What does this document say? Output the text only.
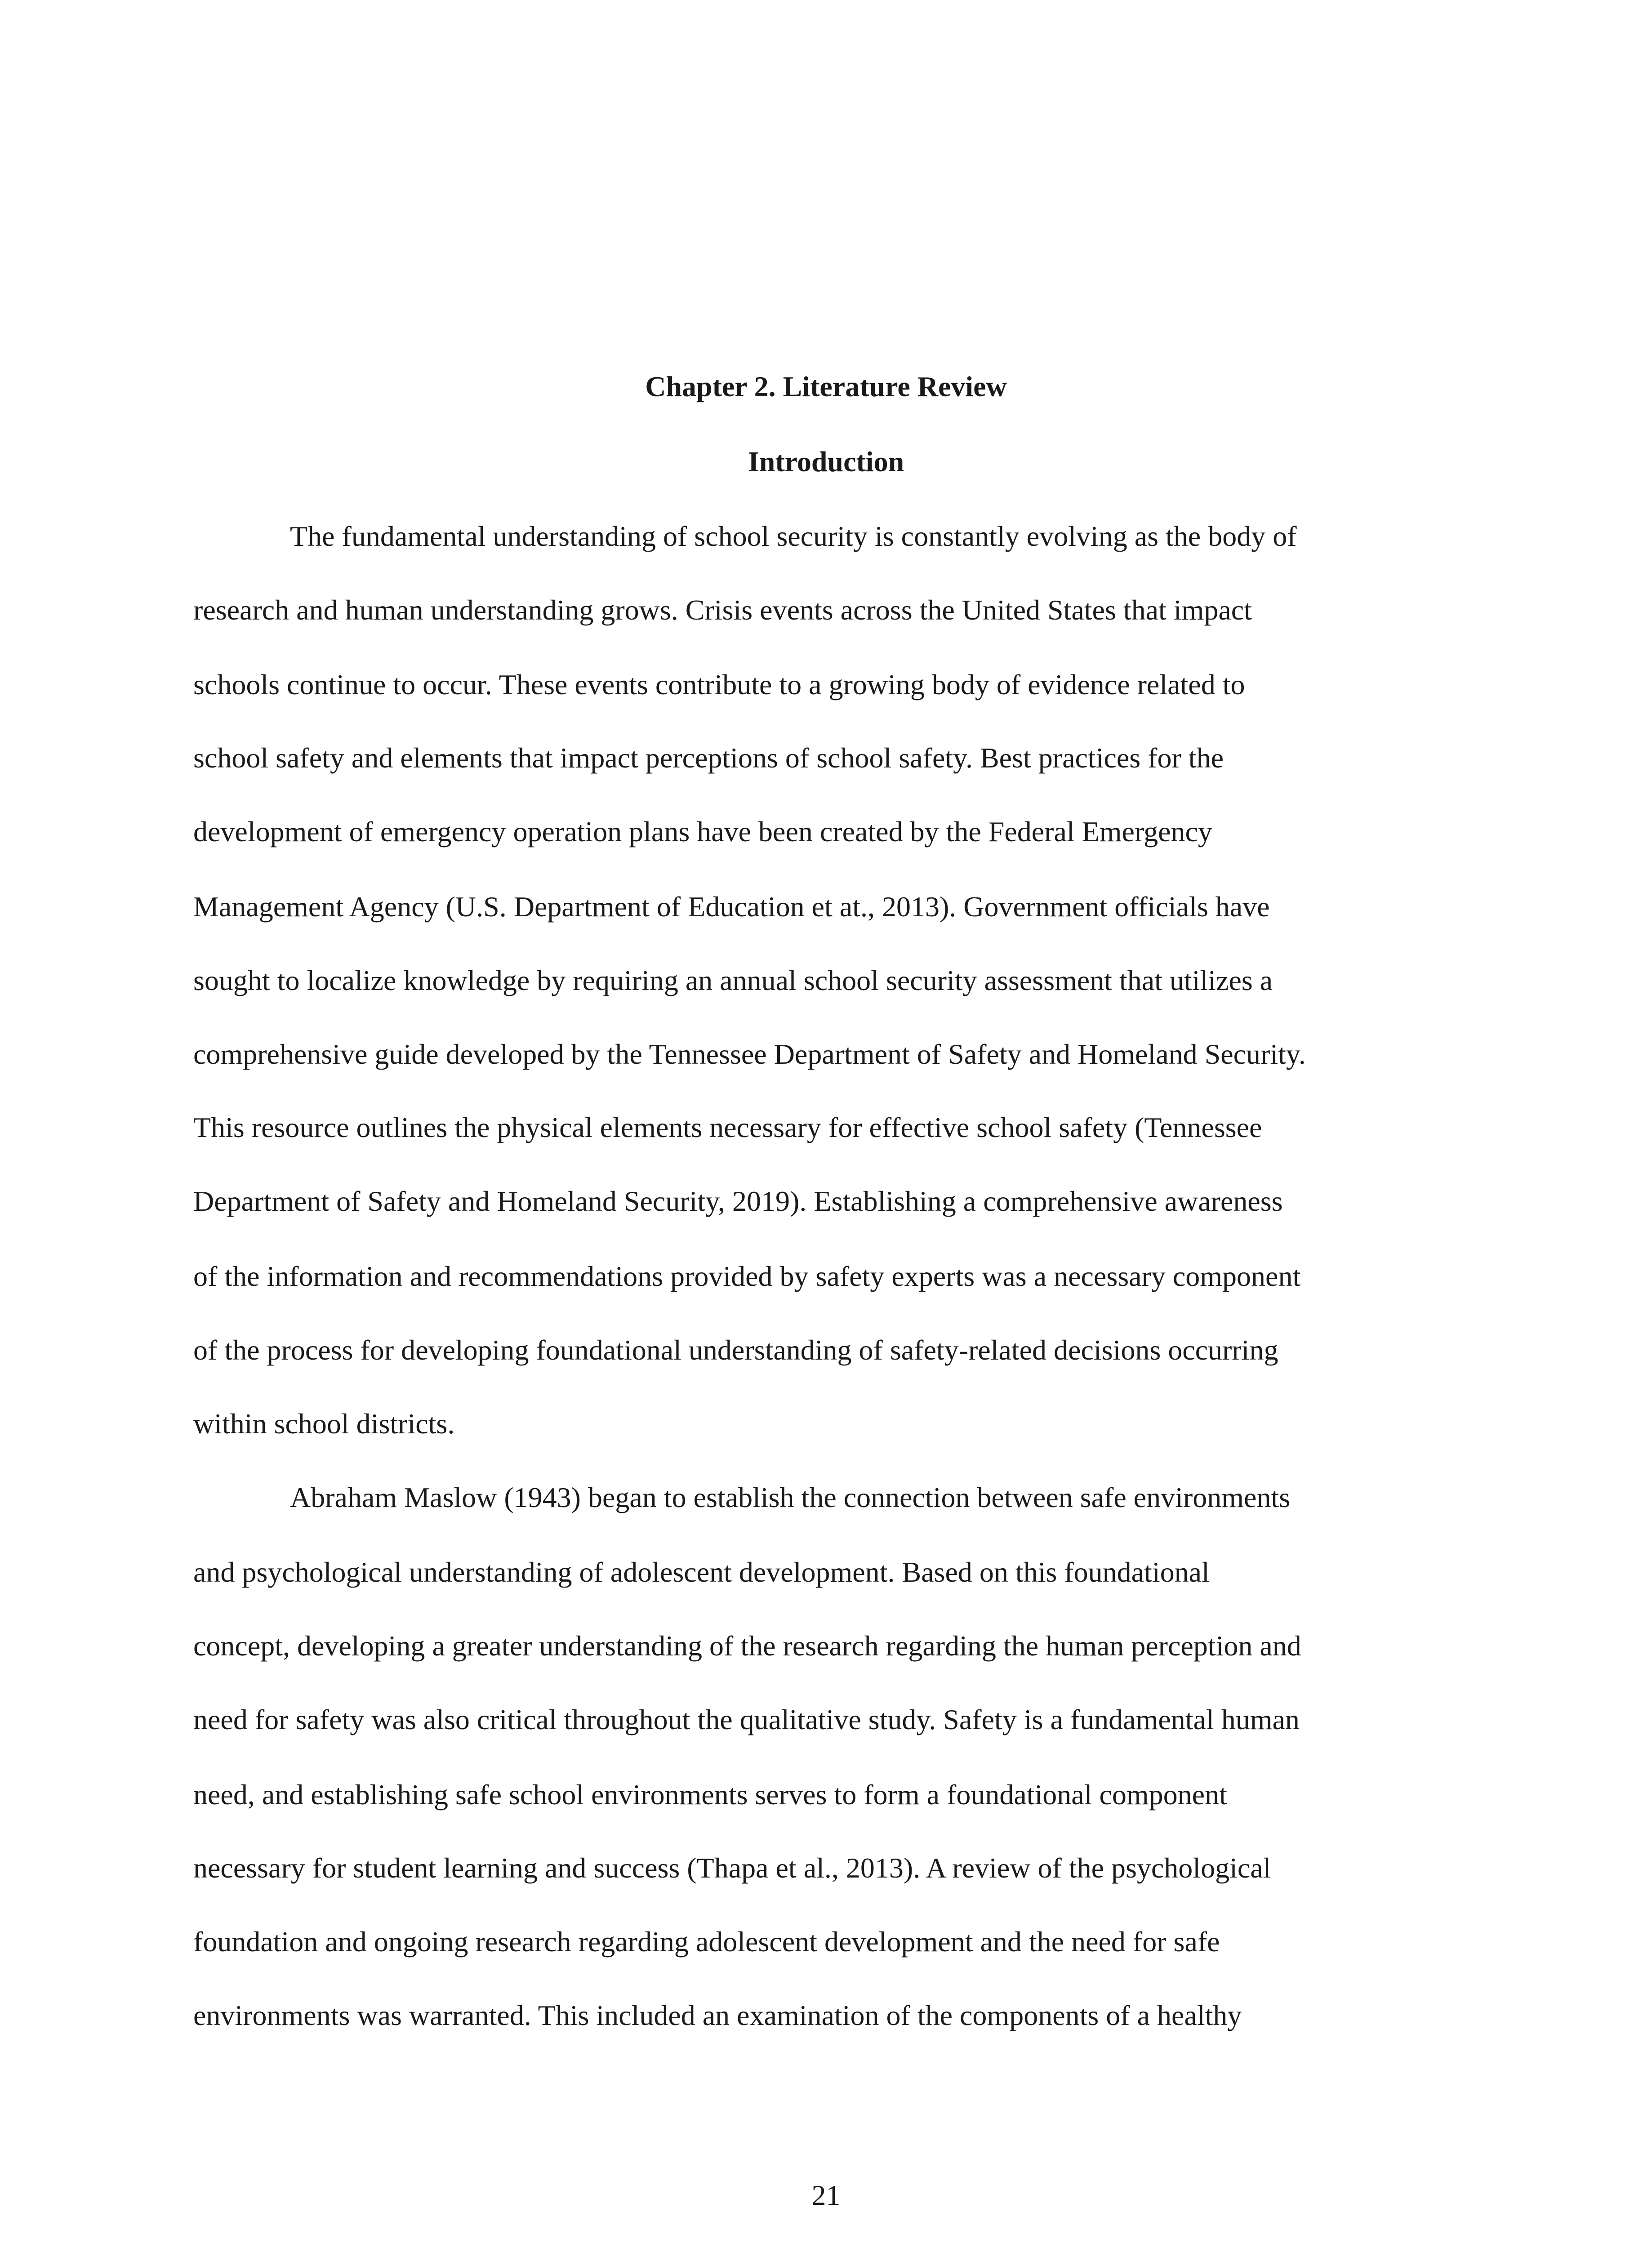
Chapter 2. Literature Review
Introduction
The fundamental understanding of school security is constantly evolving as the body of
research and human understanding grows. Crisis events across the United States that impact
schools continue to occur. These events contribute to a growing body of evidence related to
school safety and elements that impact perceptions of school safety. Best practices for the
development of emergency operation plans have been created by the Federal Emergency
Management Agency (U.S. Department of Education et at., 2013). Government officials have
sought to localize knowledge by requiring an annual school security assessment that utilizes a
comprehensive guide developed by the Tennessee Department of Safety and Homeland Security.
This resource outlines the physical elements necessary for effective school safety (Tennessee
Department of Safety and Homeland Security, 2019). Establishing a comprehensive awareness
of the information and recommendations provided by safety experts was a necessary component
of the process for developing foundational understanding of safety-related decisions occurring
within school districts.
Abraham Maslow (1943) began to establish the connection between safe environments
and psychological understanding of adolescent development. Based on this foundational
concept, developing a greater understanding of the research regarding the human perception and
need for safety was also critical throughout the qualitative study. Safety is a fundamental human
need, and establishing safe school environments serves to form a foundational component
necessary for student learning and success (Thapa et al., 2013). A review of the psychological
foundation and ongoing research regarding adolescent development and the need for safe
environments was warranted. This included an examination of the components of a healthy
21
